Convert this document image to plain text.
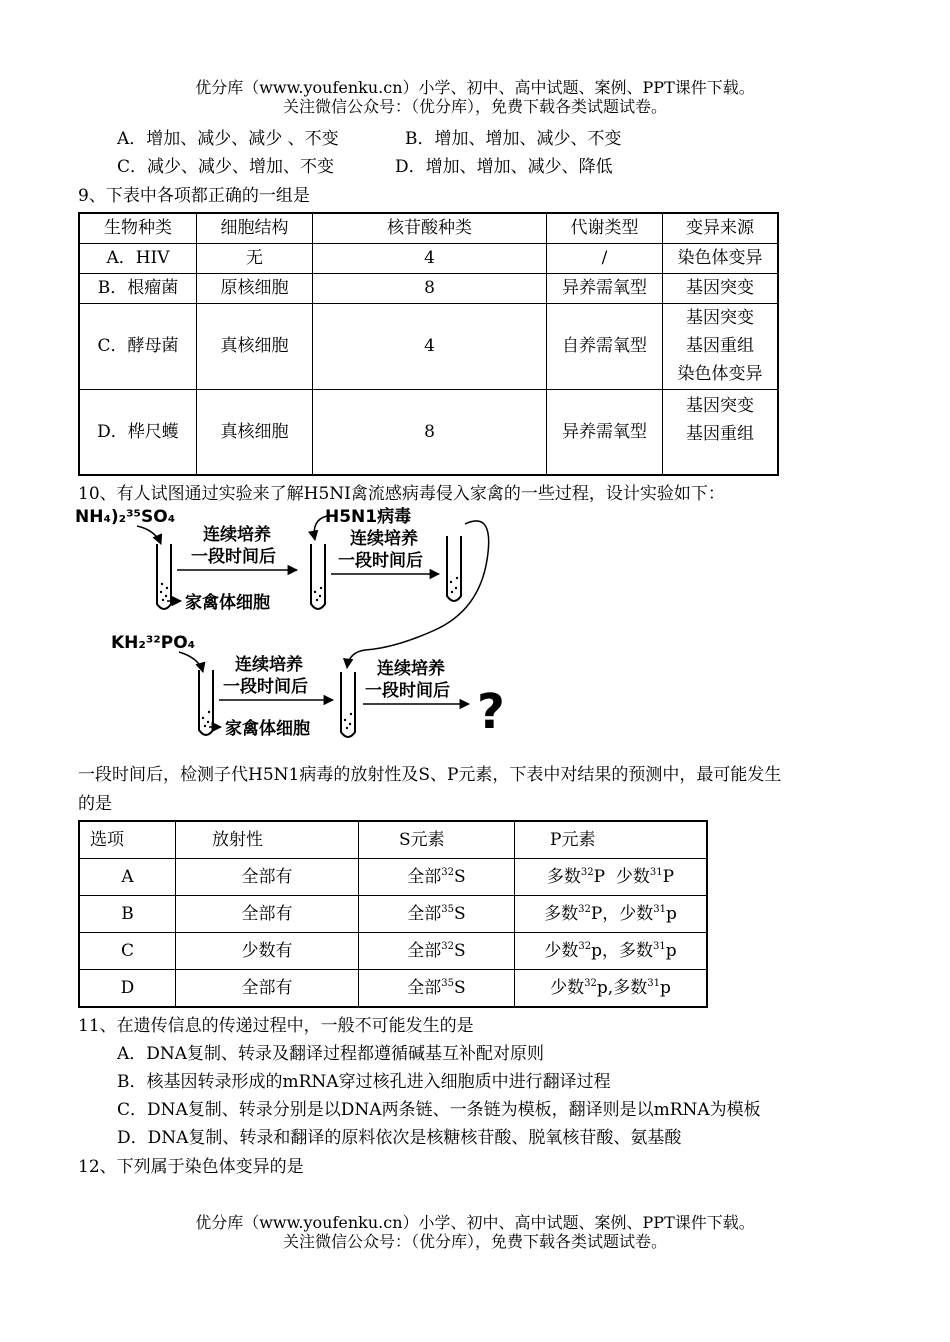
优分库（www.youfenku.cn）小学、初中、高中试题、案例、PPT课件下载。
关注微信公众号：（优分库），免费下载各类试题试卷。
A．增加、减少、减少 、不变	B．增加、增加、减少、不变
C．减少、减少、增加、不变	D．增加、增加、减少、降低
9、下表中各项都正确的一组是
生物种类	细胞结构	核苷酸种类	代谢类型	变异来源
A．HIV	无	4	/	染色体变异

B．根瘤菌	原核细胞	8	异养需氧型	基因突变

C．酵母菌	真核细胞	4	自养需氧型	基因突变
基因重组
染色体变异

D．桦尺蠖	真核细胞	8	异养需氧型	基因突变
基因重组
10、有人试图通过实验来了解H5NI禽流感病毒侵入家禽的一些过程，设计实验如下：
NH₄)₂³⁵SO₄
连续培养
一段时间后
家禽体细胞
H5N1病毒
连续培养
一段时间后
KH₂³²PO₄
连续培养
一段时间后
家禽体细胞
连续培养
一段时间后 ?
一段时间后，检测子代H5N1病毒的放射性及S、P元素，下表中对结果的预测中，最可能发生
的是
选项	放射性	S元素	P元素
A	全部有	全部$^{32}$S	多数$^{32}$P  少数$^{31}$P
B	全部有	全部$^{35}$S	多数$^{32}$P，少数$^{31}$p
C	少数有	全部$^{32}$S	少数$^{32}$p，多数$^{31}$p
D	全部有	全部$^{35}$S	少数$^{32}$p,多数$^{31}$p
11、在遗传信息的传递过程中，一般不可能发生的是
A．DNA复制、转录及翻译过程都遵循碱基互补配对原则
B．核基因转录形成的mRNA穿过核孔进入细胞质中进行翻译过程
C．DNA复制、转录分别是以DNA两条链、一条链为模板，翻译则是以mRNA为模板
D．DNA复制、转录和翻译的原料依次是核糖核苷酸、脱氧核苷酸、氨基酸
12、下列属于染色体变异的是
优分库（www.youfenku.cn）小学、初中、高中试题、案例、PPT课件下载。
关注微信公众号：（优分库），免费下载各类试题试卷。
